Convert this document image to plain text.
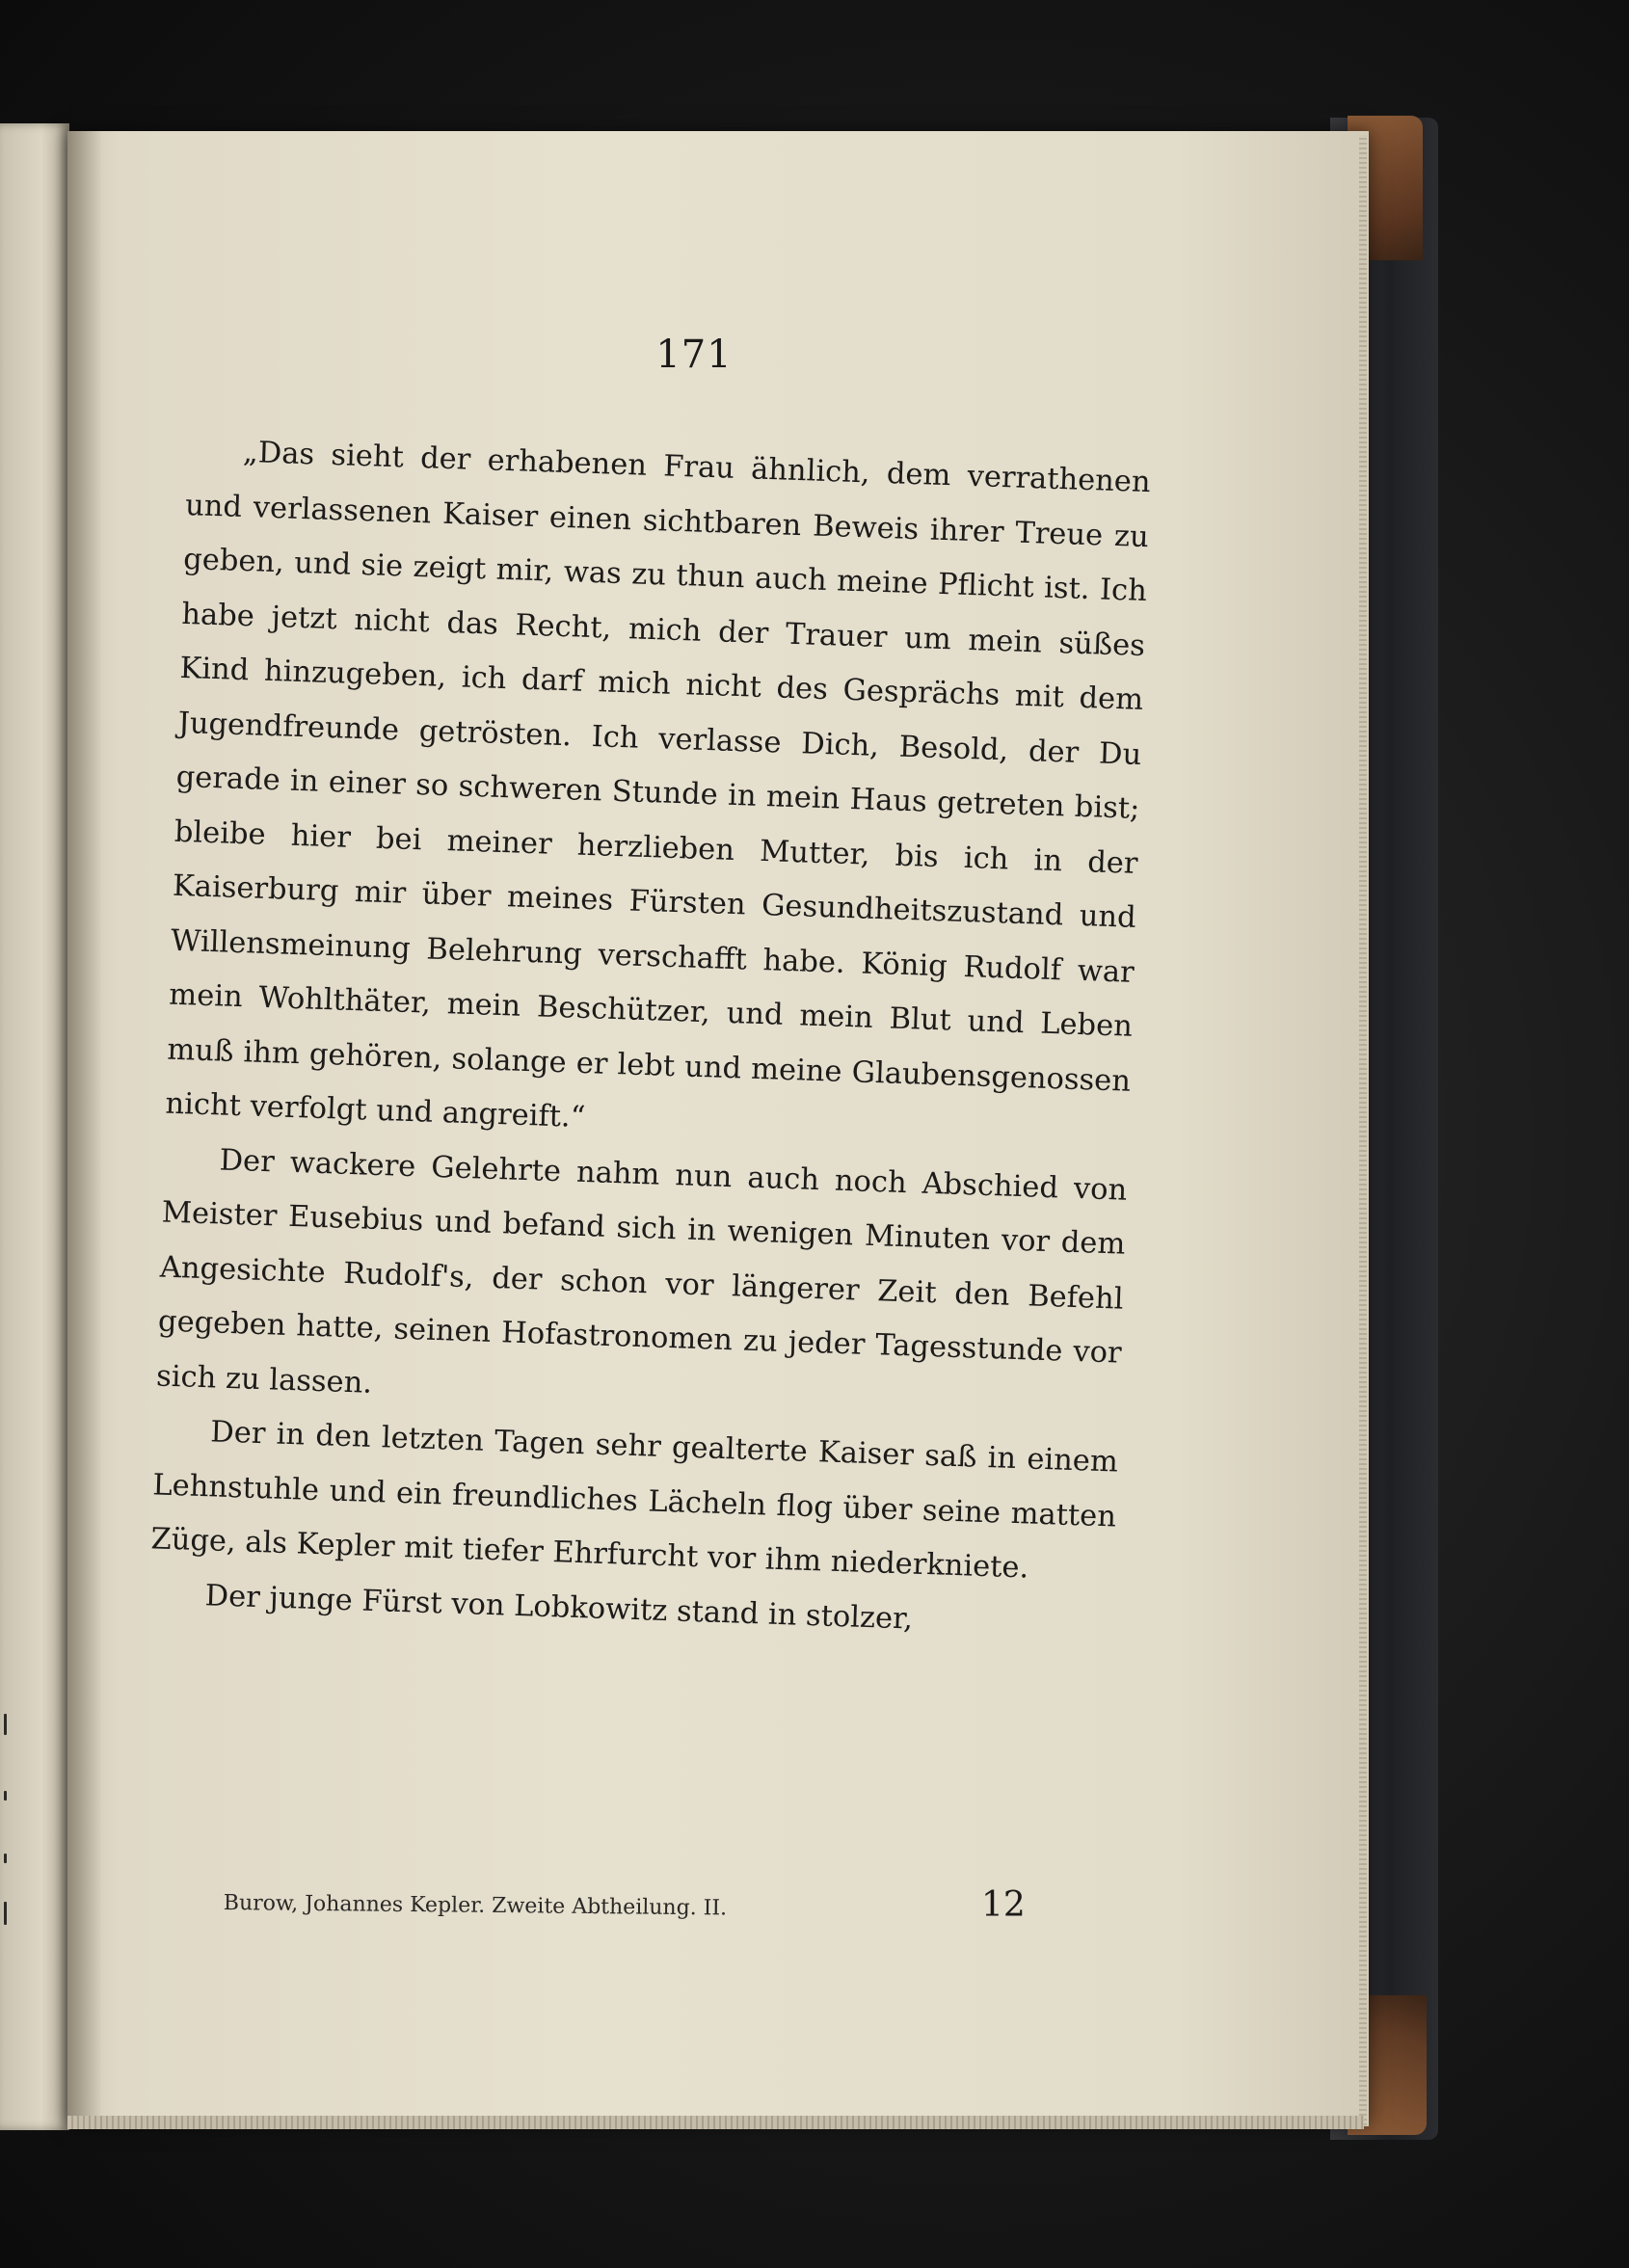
171

„Das sieht der erhabenen Frau ähnlich, dem verrathenen und verlassenen Kaiser einen sichtbaren Beweis ihrer Treue zu geben, und sie zeigt mir, was zu thun auch meine Pflicht ist. Ich habe jetzt nicht das Recht, mich der Trauer um mein süßes Kind hinzugeben, ich darf mich nicht des Gesprächs mit dem Jugendfreunde getrösten. Ich verlasse Dich, Besold, der Du gerade in einer so schweren Stunde in mein Haus getreten bist; bleibe hier bei meiner herzlieben Mutter, bis ich in der Kaiserburg mir über meines Fürsten Gesundheitszustand und Willensmeinung Belehrung verschafft habe. König Rudolf war mein Wohlthäter, mein Beschützer, und mein Blut und Leben muß ihm gehören, solange er lebt und meine Glaubensgenossen nicht verfolgt und angreift.“

Der wackere Gelehrte nahm nun auch noch Abschied von Meister Eusebius und befand sich in wenigen Minuten vor dem Angesichte Rudolf's, der schon vor längerer Zeit den Befehl gegeben hatte, seinen Hofastronomen zu jeder Tagesstunde vor sich zu lassen.

Der in den letzten Tagen sehr gealterte Kaiser saß in einem Lehnstuhle und ein freundliches Lächeln flog über seine matten Züge, als Kepler mit tiefer Ehrfurcht vor ihm niederkniete.

Der junge Fürst von Lobkowitz stand in stolzer,

Burow, Johannes Kepler. Zweite Abtheilung. II.	12
